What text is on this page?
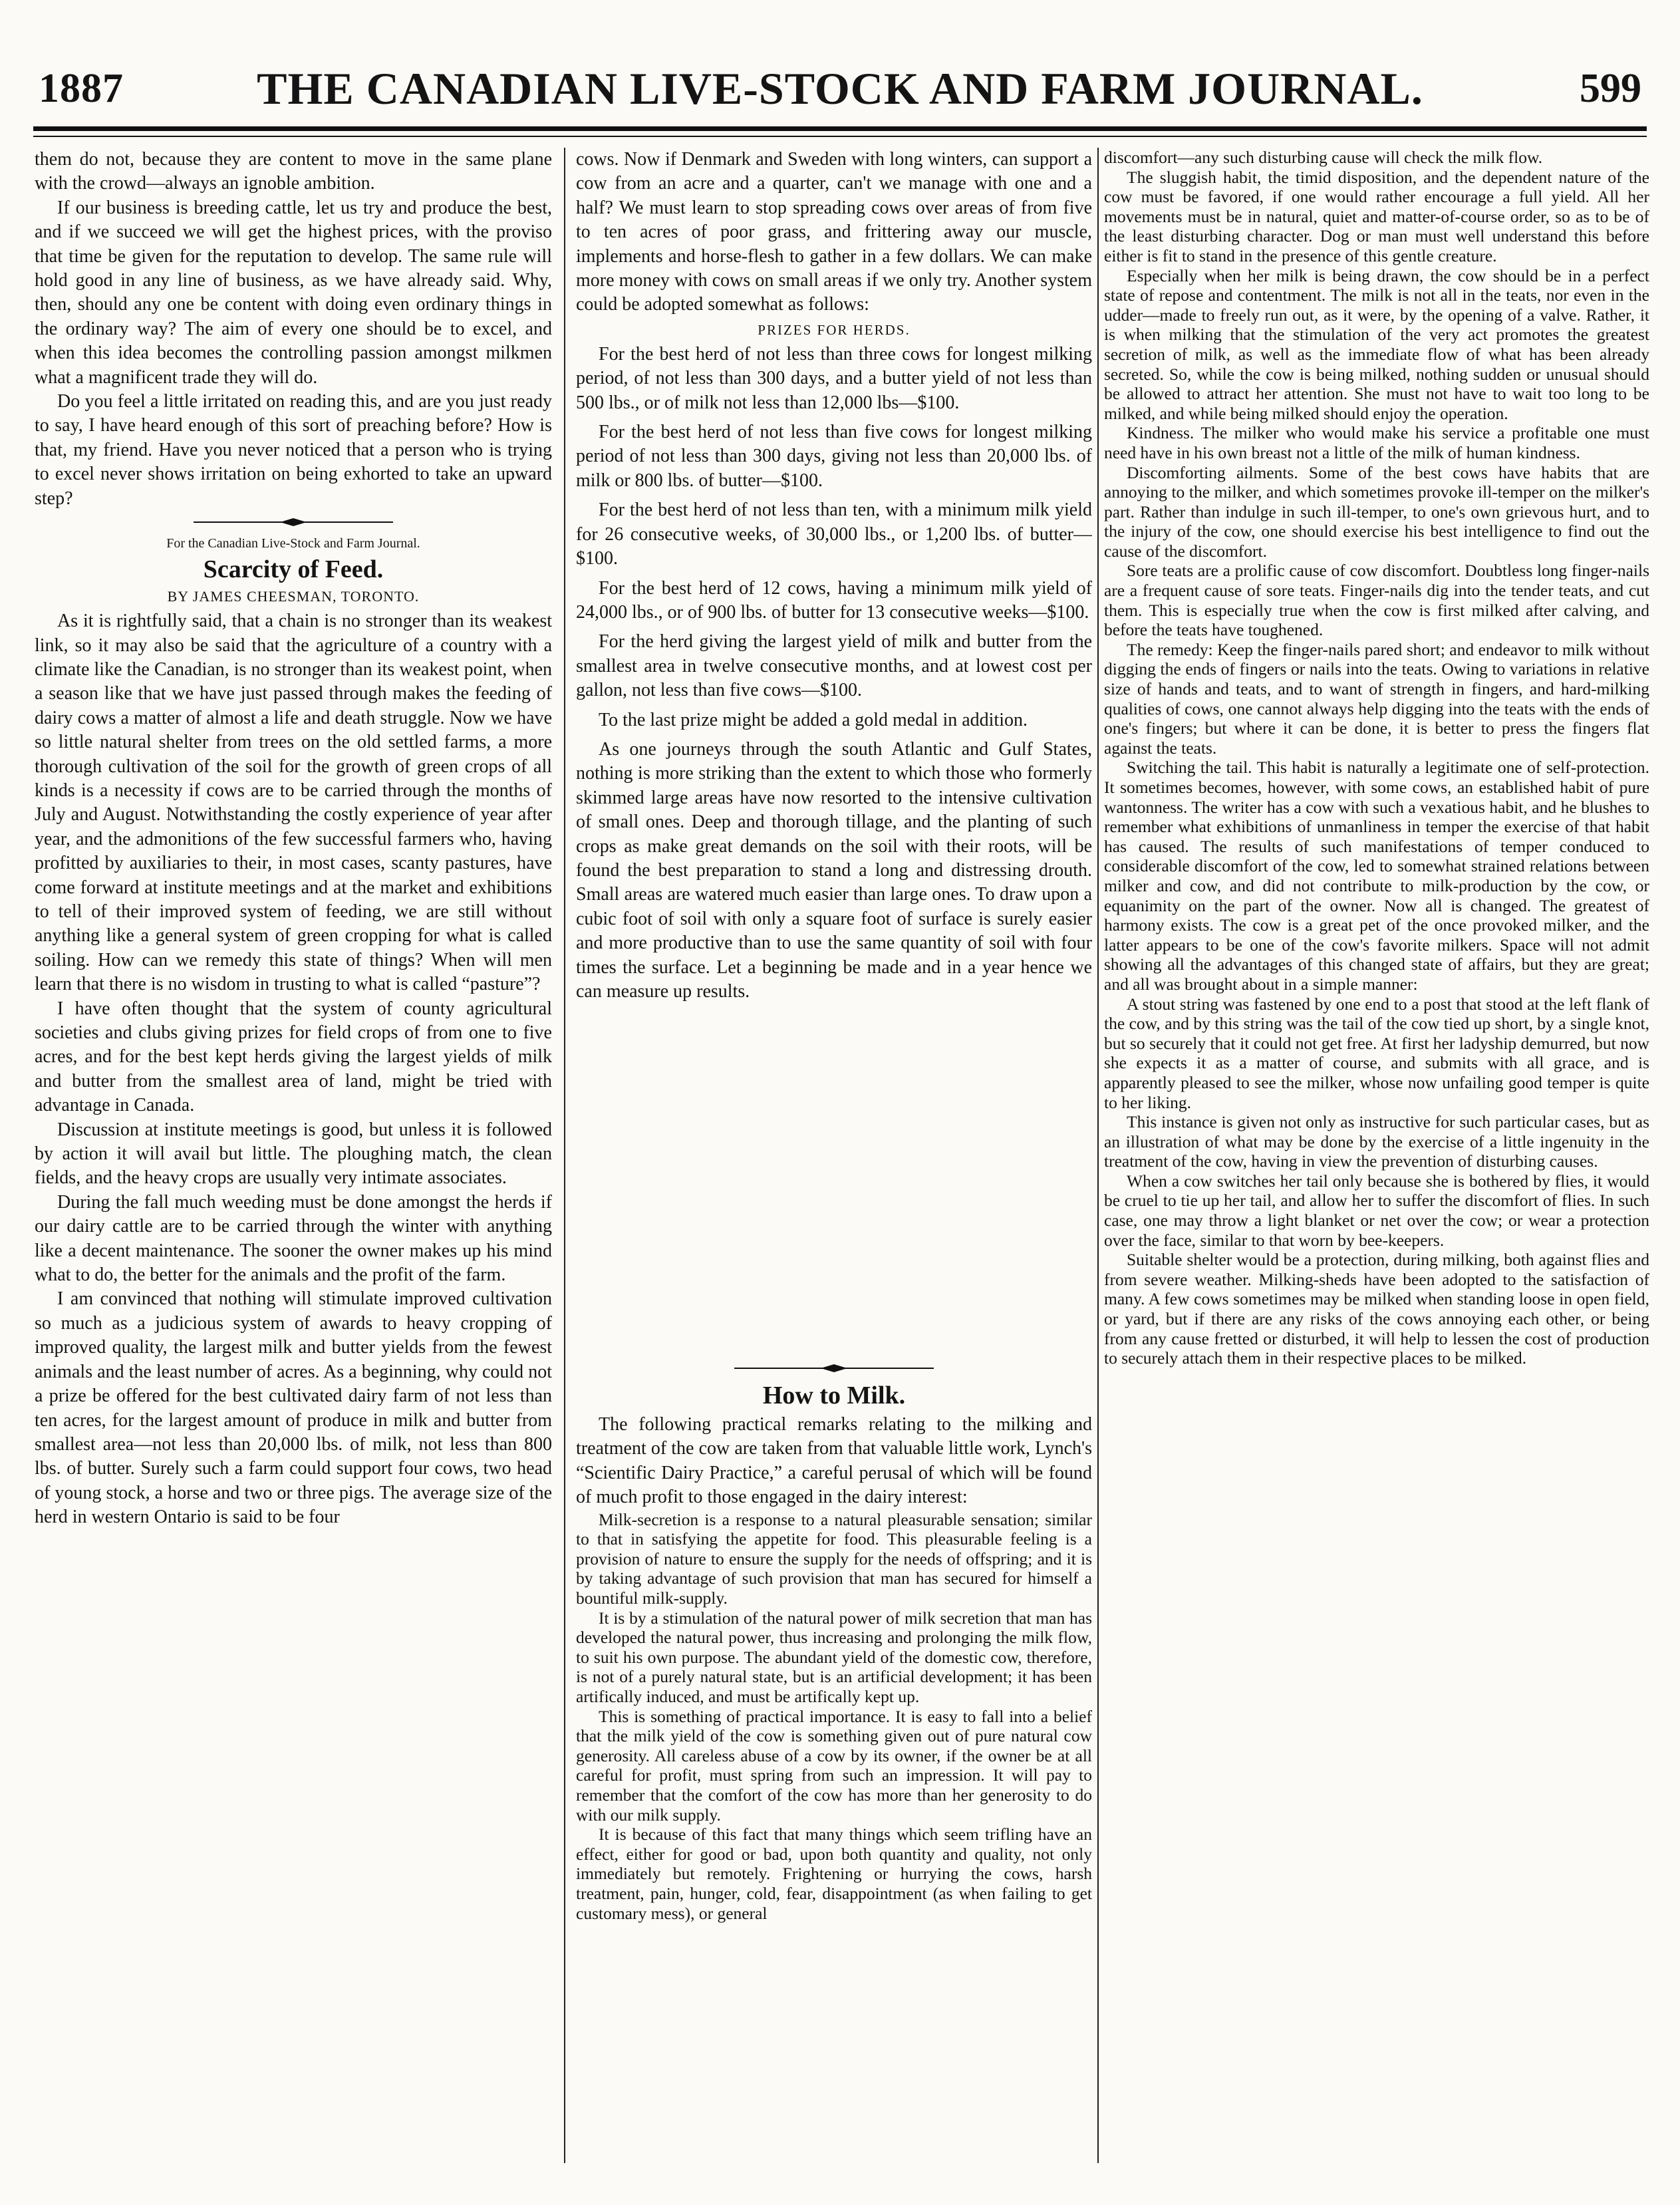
1887	THE CANADIAN LIVE-STOCK AND FARM JOURNAL.	599

them do not, because they are content to move in the same plane with the crowd—always an ignoble ambition.

If our business is breeding cattle, let us try and produce the best, and if we succeed we will get the highest prices, with the proviso that time be given for the reputation to develop. The same rule will hold good in any line of business, as we have already said. Why, then, should any one be content with doing even ordinary things in the ordinary way? The aim of every one should be to excel, and when this idea becomes the controlling passion amongst milkmen what a magnificent trade they will do.

Do you feel a little irritated on reading this, and are you just ready to say, I have heard enough of this sort of preaching before? How is that, my friend. Have you never noticed that a person who is trying to excel never shows irritation on being exhorted to take an upward step?

For the Canadian Live-Stock and Farm Journal.

Scarcity of Feed.
BY JAMES CHEESMAN, TORONTO.

As it is rightfully said, that a chain is no stronger than its weakest link, so it may also be said that the agriculture of a country with a climate like the Canadian, is no stronger than its weakest point, when a season like that we have just passed through makes the feeding of dairy cows a matter of almost a life and death struggle. Now we have so little natural shelter from trees on the old settled farms, a more thorough cultivation of the soil for the growth of green crops of all kinds is a necessity if cows are to be carried through the months of July and August. Notwithstanding the costly experience of year after year, and the admonitions of the few successful farmers who, having profitted by auxiliaries to their, in most cases, scanty pastures, have come forward at institute meetings and at the market and exhibitions to tell of their improved system of feeding, we are still without anything like a general system of green cropping for what is called soiling. How can we remedy this state of things? When will men learn that there is no wisdom in trusting to what is called “pasture”?

I have often thought that the system of county agricultural societies and clubs giving prizes for field crops of from one to five acres, and for the best kept herds giving the largest yields of milk and butter from the smallest area of land, might be tried with advantage in Canada.

Discussion at institute meetings is good, but unless it is followed by action it will avail but little. The ploughing match, the clean fields, and the heavy crops are usually very intimate associates.

During the fall much weeding must be done amongst the herds if our dairy cattle are to be carried through the winter with anything like a decent maintenance. The sooner the owner makes up his mind what to do, the better for the animals and the profit of the farm.

I am convinced that nothing will stimulate improved cultivation so much as a judicious system of awards to heavy cropping of improved quality, the largest milk and butter yields from the fewest animals and the least number of acres. As a beginning, why could not a prize be offered for the best cultivated dairy farm of not less than ten acres, for the largest amount of produce in milk and butter from smallest area—not less than 20,000 lbs. of milk, not less than 800 lbs. of butter. Surely such a farm could support four cows, two head of young stock, a horse and two or three pigs. The average size of the herd in western Ontario is said to be four

cows. Now if Denmark and Sweden with long winters, can support a cow from an acre and a quarter, can't we manage with one and a half? We must learn to stop spreading cows over areas of from five to ten acres of poor grass, and frittering away our muscle, implements and horse-flesh to gather in a few dollars. We can make more money with cows on small areas if we only try. Another system could be adopted somewhat as follows:

PRIZES FOR HERDS.

For the best herd of not less than three cows for longest milking period, of not less than 300 days, and a butter yield of not less than 500 lbs., or of milk not less than 12,000 lbs—$100.

For the best herd of not less than five cows for longest milking period of not less than 300 days, giving not less than 20,000 lbs. of milk or 800 lbs. of butter—$100.

For the best herd of not less than ten, with a minimum milk yield for 26 consecutive weeks, of 30,000 lbs., or 1,200 lbs. of butter—$100.

For the best herd of 12 cows, having a minimum milk yield of 24,000 lbs., or of 900 lbs. of butter for 13 consecutive weeks—$100.

For the herd giving the largest yield of milk and butter from the smallest area in twelve consecutive months, and at lowest cost per gallon, not less than five cows—$100.

To the last prize might be added a gold medal in addition.

As one journeys through the south Atlantic and Gulf States, nothing is more striking than the extent to which those who formerly skimmed large areas have now resorted to the intensive cultivation of small ones. Deep and thorough tillage, and the planting of such crops as make great demands on the soil with their roots, will be found the best preparation to stand a long and distressing drouth. Small areas are watered much easier than large ones. To draw upon a cubic foot of soil with only a square foot of surface is surely easier and more productive than to use the same quantity of soil with four times the surface. Let a beginning be made and in a year hence we can measure up results.

How to Milk.

The following practical remarks relating to the milking and treatment of the cow are taken from that valuable little work, Lynch's “Scientific Dairy Practice,” a careful perusal of which will be found of much profit to those engaged in the dairy interest:

Milk-secretion is a response to a natural pleasurable sensation; similar to that in satisfying the appetite for food. This pleasurable feeling is a provision of nature to ensure the supply for the needs of offspring; and it is by taking advantage of such provision that man has secured for himself a bountiful milk-supply.

It is by a stimulation of the natural power of milk secretion that man has developed the natural power, thus increasing and prolonging the milk flow, to suit his own purpose. The abundant yield of the domestic cow, therefore, is not of a purely natural state, but is an artificial development; it has been artifically induced, and must be artifically kept up.

This is something of practical importance. It is easy to fall into a belief that the milk yield of the cow is something given out of pure natural cow generosity. All careless abuse of a cow by its owner, if the owner be at all careful for profit, must spring from such an impression. It will pay to remember that the comfort of the cow has more than her generosity to do with our milk supply.

It is because of this fact that many things which seem trifling have an effect, either for good or bad, upon both quantity and quality, not only immediately but remotely. Frightening or hurrying the cows, harsh treatment, pain, hunger, cold, fear, disappointment (as when failing to get customary mess), or general

discomfort—any such disturbing cause will check the milk flow.

The sluggish habit, the timid disposition, and the dependent nature of the cow must be favored, if one would rather encourage a full yield. All her movements must be in natural, quiet and matter-of-course order, so as to be of the least disturbing character. Dog or man must well understand this before either is fit to stand in the presence of this gentle creature.

Especially when her milk is being drawn, the cow should be in a perfect state of repose and contentment. The milk is not all in the teats, nor even in the udder—made to freely run out, as it were, by the opening of a valve. Rather, it is when milking that the stimulation of the very act promotes the greatest secretion of milk, as well as the immediate flow of what has been already secreted. So, while the cow is being milked, nothing sudden or unusual should be allowed to attract her attention. She must not have to wait too long to be milked, and while being milked should enjoy the operation.

Kindness. The milker who would make his service a profitable one must need have in his own breast not a little of the milk of human kindness.

Discomforting ailments. Some of the best cows have habits that are annoying to the milker, and which sometimes provoke ill-temper on the milker's part. Rather than indulge in such ill-temper, to one's own grievous hurt, and to the injury of the cow, one should exercise his best intelligence to find out the cause of the discomfort.

Sore teats are a prolific cause of cow discomfort. Doubtless long finger-nails are a frequent cause of sore teats. Finger-nails dig into the tender teats, and cut them. This is especially true when the cow is first milked after calving, and before the teats have toughened.

The remedy: Keep the finger-nails pared short; and endeavor to milk without digging the ends of fingers or nails into the teats. Owing to variations in relative size of hands and teats, and to want of strength in fingers, and hard-milking qualities of cows, one cannot always help digging into the teats with the ends of one's fingers; but where it can be done, it is better to press the fingers flat against the teats.

Switching the tail. This habit is naturally a legitimate one of self-protection. It sometimes becomes, however, with some cows, an established habit of pure wantonness. The writer has a cow with such a vexatious habit, and he blushes to remember what exhibitions of unmanliness in temper the exercise of that habit has caused. The results of such manifestations of temper conduced to considerable discomfort of the cow, led to somewhat strained relations between milker and cow, and did not contribute to milk-production by the cow, or equanimity on the part of the owner. Now all is changed. The greatest of harmony exists. The cow is a great pet of the once provoked milker, and the latter appears to be one of the cow's favorite milkers. Space will not admit showing all the advantages of this changed state of affairs, but they are great; and all was brought about in a simple manner:

A stout string was fastened by one end to a post that stood at the left flank of the cow, and by this string was the tail of the cow tied up short, by a single knot, but so securely that it could not get free. At first her ladyship demurred, but now she expects it as a matter of course, and submits with all grace, and is apparently pleased to see the milker, whose now unfailing good temper is quite to her liking.

This instance is given not only as instructive for such particular cases, but as an illustration of what may be done by the exercise of a little ingenuity in the treatment of the cow, having in view the prevention of disturbing causes.

When a cow switches her tail only because she is bothered by flies, it would be cruel to tie up her tail, and allow her to suffer the discomfort of flies. In such case, one may throw a light blanket or net over the cow; or wear a protection over the face, similar to that worn by bee-keepers.

Suitable shelter would be a protection, during milking, both against flies and from severe weather. Milking-sheds have been adopted to the satisfaction of many. A few cows sometimes may be milked when standing loose in open field, or yard, but if there are any risks of the cows annoying each other, or being from any cause fretted or disturbed, it will help to lessen the cost of production to securely attach them in their respective places to be milked.
